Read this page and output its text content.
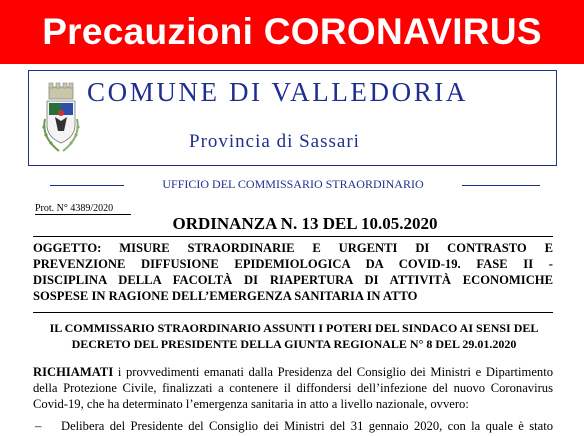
Precauzioni CORONAVIRUS
COMUNE DI VALLEDORIA
Provincia di Sassari
UFFICIO DEL COMMISSARIO STRAORDINARIO
Prot. N° 4389/2020
ORDINANZA N. 13 DEL 10.05.2020
OGGETTO: MISURE STRAORDINARIE E URGENTI DI CONTRASTO E
PREVENZIONE DIFFUSIONE EPIDEMIOLOGICA DA COVID-19. FASE II -
DISCIPLINA DELLA FACOLTÀ DI RIAPERTURA DI ATTIVITÀ ECONOMICHE
SOSPESE IN RAGIONE DELL’EMERGENZA SANITARIA IN ATTO
IL COMMISSARIO STRAORDINARIO ASSUNTI I POTERI DEL SINDACO AI SENSI DEL
DECRETO DEL PRESIDENTE DELLA GIUNTA REGIONALE N° 8 DEL 29.01.2020
RICHIAMATI i provvedimenti emanati dalla Presidenza del Consiglio dei Ministri e Dipartimento
della Protezione Civile, finalizzati a contenere il diffondersi dell’infezione del nuovo Coronavirus
Covid-19, che ha determinato l’emergenza sanitaria in atto a livello nazionale, ovvero:
– Delibera del Presidente del Consiglio dei Ministri del 31 gennaio 2020, con la quale è stato
